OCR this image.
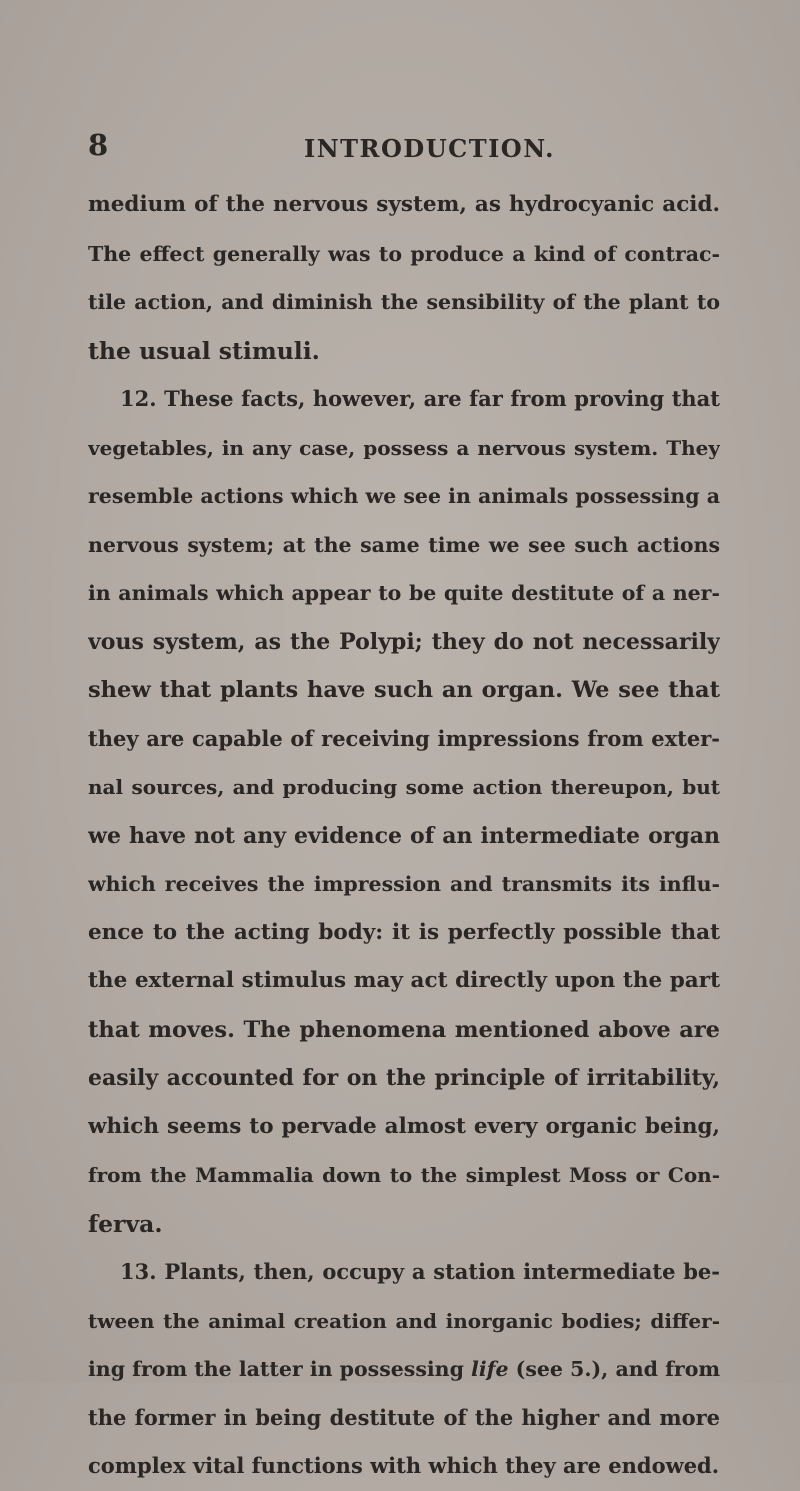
8	INTRODUCTION.
medium of the nervous system, as hydrocyanic acid.
The effect generally was to produce a kind of contrac-
tile action, and diminish the sensibility of the plant to
the usual stimuli.
12. These facts, however, are far from proving that
vegetables, in any case, possess a nervous system. They
resemble actions which we see in animals possessing a
nervous system; at the same time we see such actions
in animals which appear to be quite destitute of a ner-
vous system, as the Polypi; they do not necessarily
shew that plants have such an organ. We see that
they are capable of receiving impressions from exter-
nal sources, and producing some action thereupon, but
we have not any evidence of an intermediate organ
which receives the impression and transmits its influ-
ence to the acting body: it is perfectly possible that
the external stimulus may act directly upon the part
that moves. The phenomena mentioned above are
easily accounted for on the principle of irritability,
which seems to pervade almost every organic being,
from the Mammalia down to the simplest Moss or Con-
ferva.
13. Plants, then, occupy a station intermediate be-
tween the animal creation and inorganic bodies; differ-
ing from the latter in possessing life (see 5.), and from
the former in being destitute of the higher and more
complex vital functions with which they are endowed.
